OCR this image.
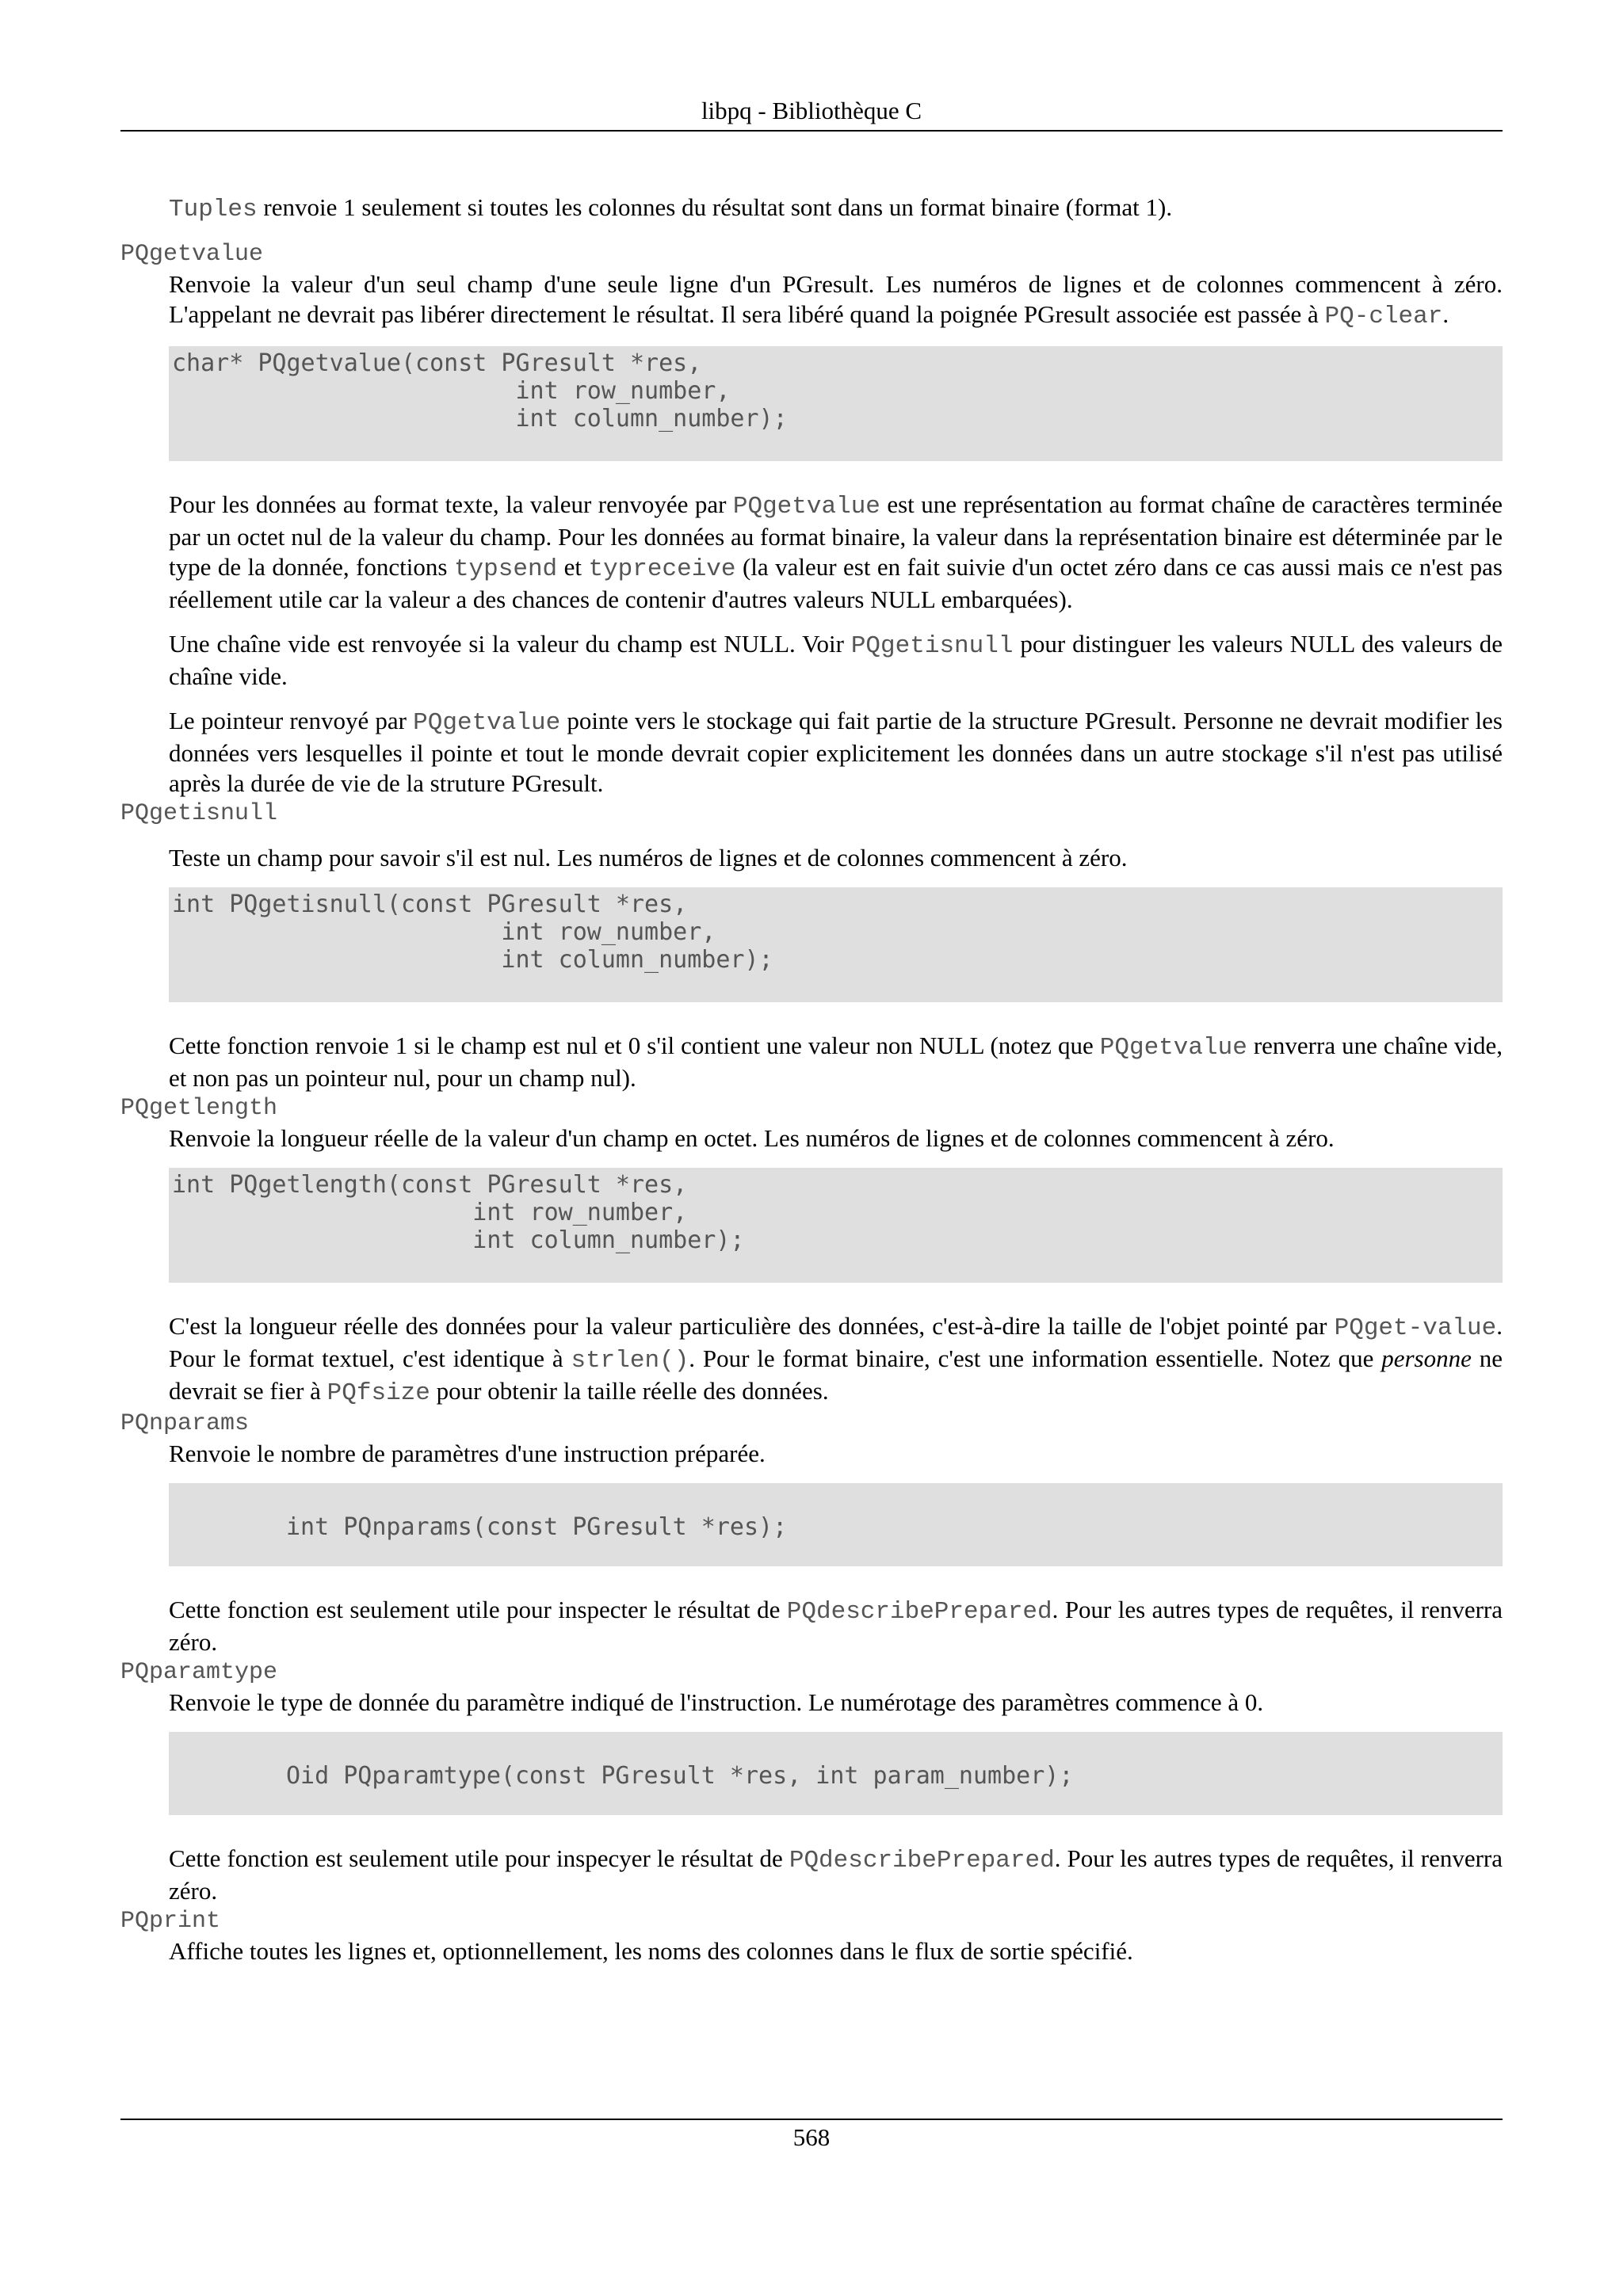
libpq - Bibliothèque C

Tuples renvoie 1 seulement si toutes les colonnes du résultat sont dans un format binaire (format 1).

PQgetvalue

Renvoie la valeur d'un seul champ d'une seule ligne d'un PGresult. Les numéros de lignes et de colonnes commencent à zéro. L'appelant ne devrait pas libérer directement le résultat. Il sera libéré quand la poignée PGresult associée est passée à PQ-clear.

char* PQgetvalue(const PGresult *res,
int row_number,
int column_number);

Pour les données au format texte, la valeur renvoyée par PQgetvalue est une représentation au format chaîne de caractères terminée par un octet nul de la valeur du champ. Pour les données au format binaire, la valeur dans la représentation binaire est déterminée par le type de la donnée, fonctions typsend et typreceive (la valeur est en fait suivie d'un octet zéro dans ce cas aussi mais ce n'est pas réellement utile car la valeur a des chances de contenir d'autres valeurs NULL embarquées).

Une chaîne vide est renvoyée si la valeur du champ est NULL. Voir PQgetisnull pour distinguer les valeurs NULL des valeurs de chaîne vide.

Le pointeur renvoyé par PQgetvalue pointe vers le stockage qui fait partie de la structure PGresult. Personne ne devrait modifier les données vers lesquelles il pointe et tout le monde devrait copier explicitement les données dans un autre stockage s'il n'est pas utilisé après la durée de vie de la struture PGresult.

PQgetisnull

Teste un champ pour savoir s'il est nul. Les numéros de lignes et de colonnes commencent à zéro.

int PQgetisnull(const PGresult *res,
int row_number,
int column_number);

Cette fonction renvoie 1 si le champ est nul et 0 s'il contient une valeur non NULL (notez que PQgetvalue renverra une chaîne vide, et non pas un pointeur nul, pour un champ nul).

PQgetlength

Renvoie la longueur réelle de la valeur d'un champ en octet. Les numéros de lignes et de colonnes commencent à zéro.

int PQgetlength(const PGresult *res,
int row_number,
int column_number);

C'est la longueur réelle des données pour la valeur particulière des données, c'est-à-dire la taille de l'objet pointé par PQget-value. Pour le format textuel, c'est identique à strlen(). Pour le format binaire, c'est une information essentielle. Notez que personne ne devrait se fier à PQfsize pour obtenir la taille réelle des données.

PQnparams

Renvoie le nombre de paramètres d'une instruction préparée.

int PQnparams(const PGresult *res);

Cette fonction est seulement utile pour inspecter le résultat de PQdescribePrepared. Pour les autres types de requêtes, il renverra zéro.

PQparamtype

Renvoie le type de donnée du paramètre indiqué de l'instruction. Le numérotage des paramètres commence à 0.

Oid PQparamtype(const PGresult *res, int param_number);

Cette fonction est seulement utile pour inspecyer le résultat de PQdescribePrepared. Pour les autres types de requêtes, il renverra zéro.

PQprint

Affiche toutes les lignes et, optionnellement, les noms des colonnes dans le flux de sortie spécifié.

568
